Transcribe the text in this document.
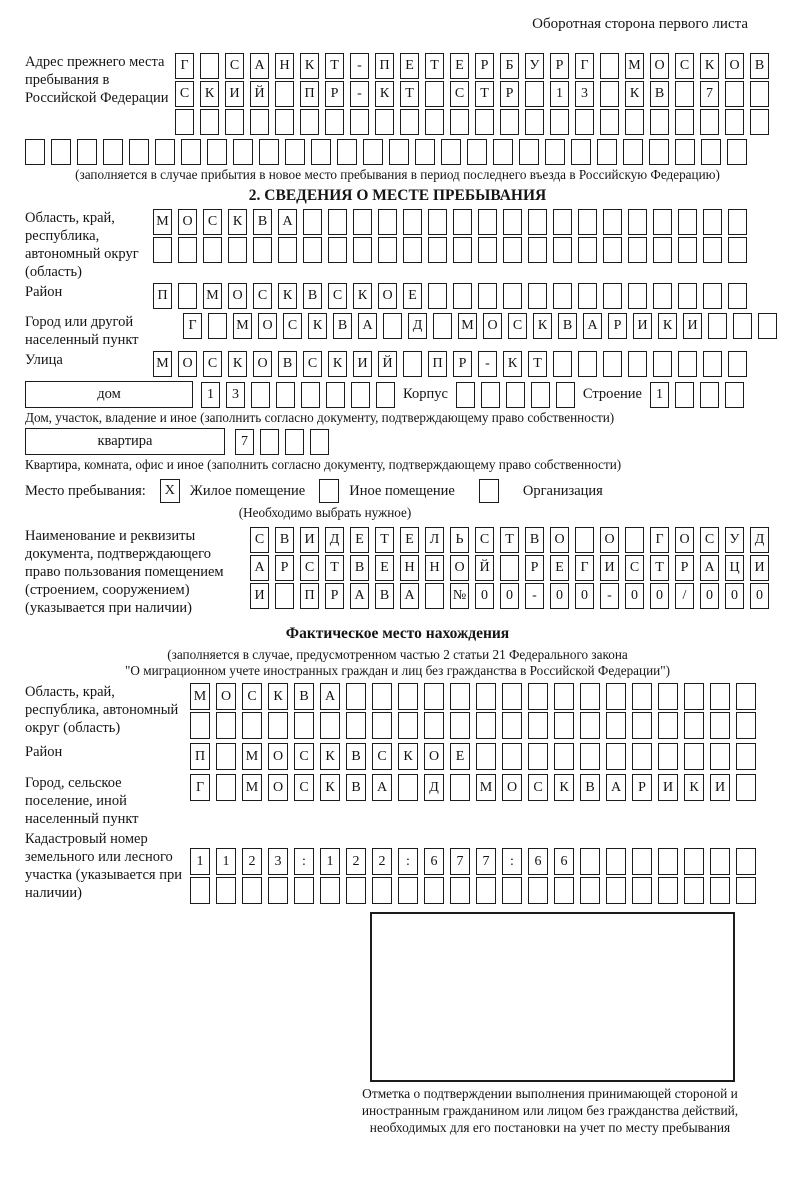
Оборотная сторона первого листа
Адрес прежнего места пребывания в Российской Федерации
Г	С	А	Н	К	Т	-	П	Е	Т	Е	Р	Б	У	Р	Г	М О	С	К	О	В
С	К	И	Й	П	Р	-	К	Т	С	Т	Р	1	3	К	В	7
(заполняется в случае прибытия в новое место пребывания в период последнего въезда в Российскую Федерацию)
2. СВЕДЕНИЯ О МЕСТЕ ПРЕБЫВАНИЯ
Область, край, республика, автономный округ (область)
М О	С	К	В	А
Район	П	М О	С	К	В	С	К	О	Е
Город или другой населенный пункт
Г	М О	С	К	В	А	Д	М О	С	К	В	А	Р	И	К	И
Улица	М О	С	К	О	В	С	К	И	Й	П	Р	-	К	Т
дом	1	3	Корпус	Строение	1
Дом, участок, владение и иное (заполнить согласно документу, подтверждающему право собственности)
квартира	7
Квартира, комната, офис и иное (заполнить согласно документу, подтверждающему право собственности)
Место пребывания:	X	Жилое помещение	Иное помещение	Организация
(Необходимо выбрать нужное)
Наименование и реквизиты документа, подтверждающего право пользования помещением (строением, сооружением) (указывается при наличии)
С	В	И	Д	Е	Т	Е	Л	Ь	С	Т	В	О	О	Г	О	С	У	Д
А	Р	С	Т	В	Е	Н	Н	О	Й	Р	Е	Г	И	С	Т	Р	А	Ц	И
И	П	Р	А	В	А	№	0	0	-	0	0	-	0	0	/	0	0	0
Фактическое место нахождения
(заполняется в случае, предусмотренном частью 2 статьи 21 Федерального закона
"О миграционном учете иностранных граждан и лиц без гражданства в Российской Федерации")
Область, край, республика, автономный округ (область)
М	О	С	К	В	А
Район	П	М	О	С	К	В	С	К	О	Е
Город, сельское поселение, иной населенный пункт
Г	М	О	С	К	В	А	Д	М	О	С	К	В	А	Р	И	К	И
Кадастровый номер земельного или лесного участка (указывается при наличии)
1	1	2	3	:	1	2	2	:	6	7	7	:	6	6
Отметка о подтверждении выполнения принимающей стороной и иностранным гражданином или лицом без гражданства действий, необходимых для его постановки на учет по месту пребывания
